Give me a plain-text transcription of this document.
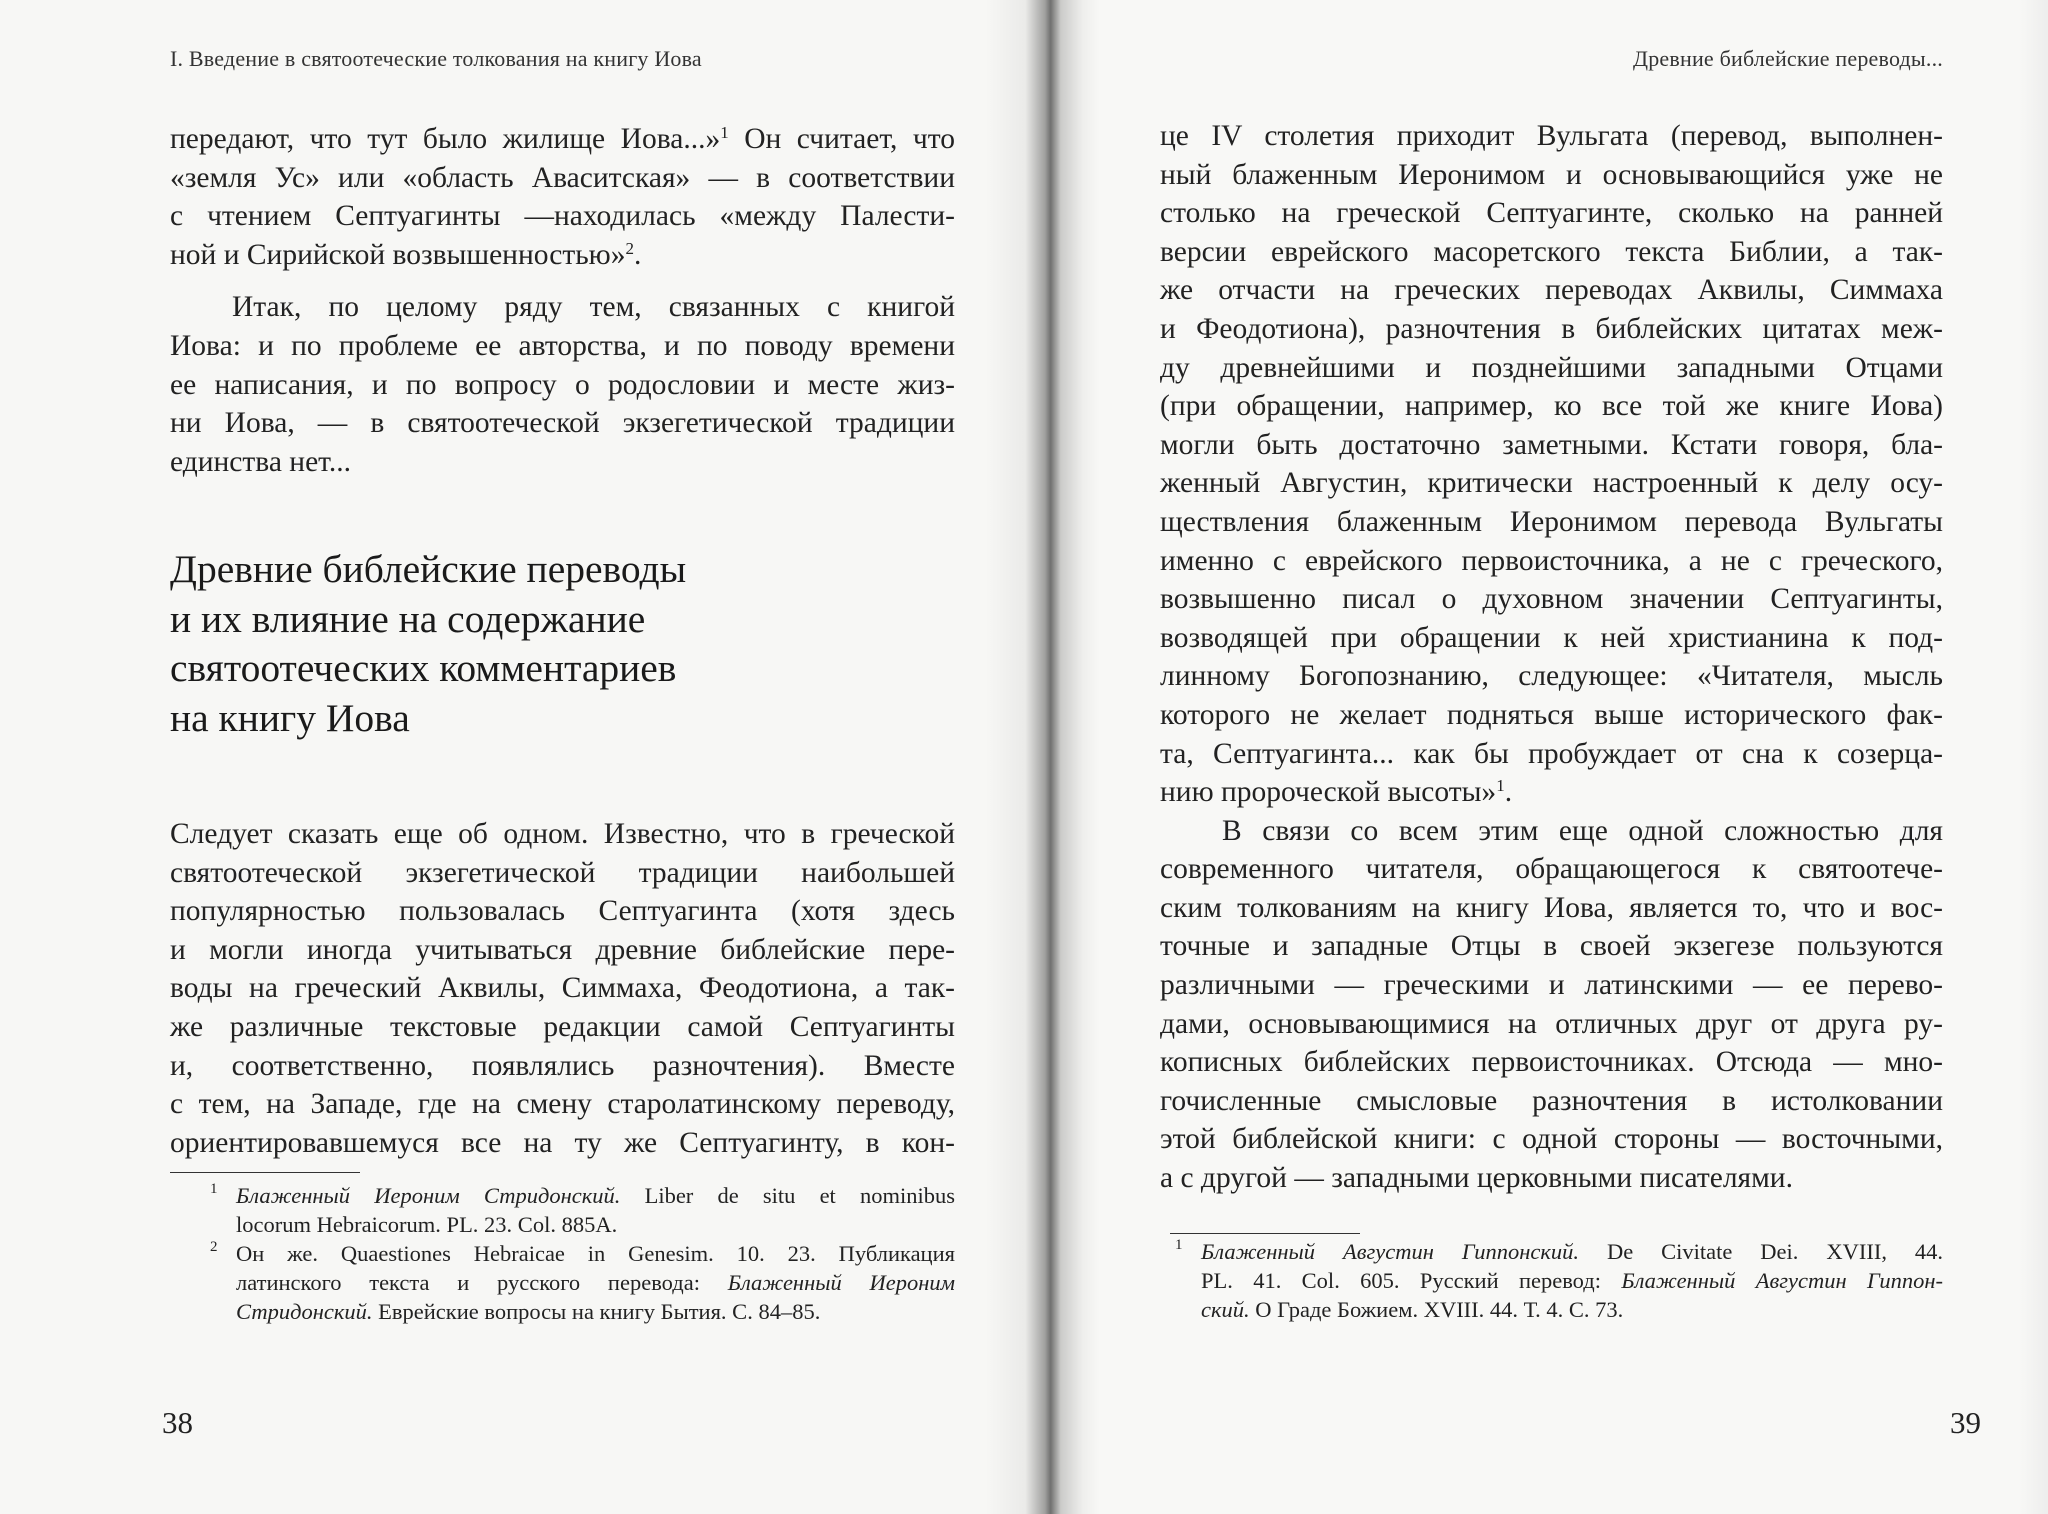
I. Введение в святоотеческие толкования на книгу Иова

передают, что тут было жилище Иова...»$^1$ Он считает, что
«земля Ус» или «область Аваситская» — в соответствии
с чтением Септуагинты —находилась «между Палести-
ной и Сирийской возвышенностью»$^2$.

Итак, по целому ряду тем, связанных с книгой
Иова: и по проблеме ее авторства, и по поводу времени
ее написания, и по вопросу о родословии и месте жиз-
ни Иова, — в святоотеческой экзегетической традиции
единства нет...

Древние библейские переводы
и их влияние на содержание
святоотеческих комментариев
на книгу Иова

Следует сказать еще об одном. Известно, что в греческой
святоотеческой экзегетической традиции наибольшей
популярностью пользовалась Септуагинта (хотя здесь
и могли иногда учитываться древние библейские пере-
воды на греческий Аквилы, Симмаха, Феодотиона, а так-
же различные текстовые редакции самой Септуагинты
и, соответственно, появлялись разночтения). Вместе
с тем, на Западе, где на смену старолатинскому переводу,
ориентировавшемуся все на ту же Септуагинту, в кон-

1 Блаженный Иероним Стридонский. Liber de situ et nominibus
locorum Hebraicorum. PL. 23. Col. 885A.
2 Он же. Quaestiones Hebraicae in Genesim. 10. 23. Публикация
латинского текста и русского перевода: Блаженный Иероним
Стридонский. Еврейские вопросы на книгу Бытия. С. 84–85.
38
Древние библейские переводы...

це IV столетия приходит Вульгата (перевод, выполнен-
ный блаженным Иеронимом и основывающийся уже не
столько на греческой Септуагинте, сколько на ранней
версии еврейского масоретского текста Библии, а так-
же отчасти на греческих переводах Аквилы, Симмаха
и Феодотиона), разночтения в библейских цитатах меж-
ду древнейшими и позднейшими западными Отцами
(при обращении, например, ко все той же книге Иова)
могли быть достаточно заметными. Кстати говоря, бла-
женный Августин, критически настроенный к делу осу-
ществления блаженным Иеронимом перевода Вульгаты
именно с еврейского первоисточника, а не с греческого,
возвышенно писал о духовном значении Септуагинты,
возводящей при обращении к ней христианина к под-
линному Богопознанию, следующее: «Читателя, мысль
которого не желает подняться выше исторического фак-
та, Септуагинта... как бы пробуждает от сна к созерца-
нию пророческой высоты»$^1$.

В связи со всем этим еще одной сложностью для
современного читателя, обращающегося к святоотече-
ским толкованиям на книгу Иова, является то, что и вос-
точные и западные Отцы в своей экзегезе пользуются
различными — греческими и латинскими — ее перево-
дами, основывающимися на отличных друг от друга ру-
кописных библейских первоисточниках. Отсюда — мно-
гочисленные смысловые разночтения в истолковании
этой библейской книги: с одной стороны — восточными,
а с другой — западными церковными писателями.

1 Блаженный Августин Гиппонский. De Civitate Dei. XVIII, 44.
PL. 41. Col. 605. Русский перевод: Блаженный Августин Гиппон-
ский. О Граде Божием. XVIII. 44. Т. 4. С. 73.
39
